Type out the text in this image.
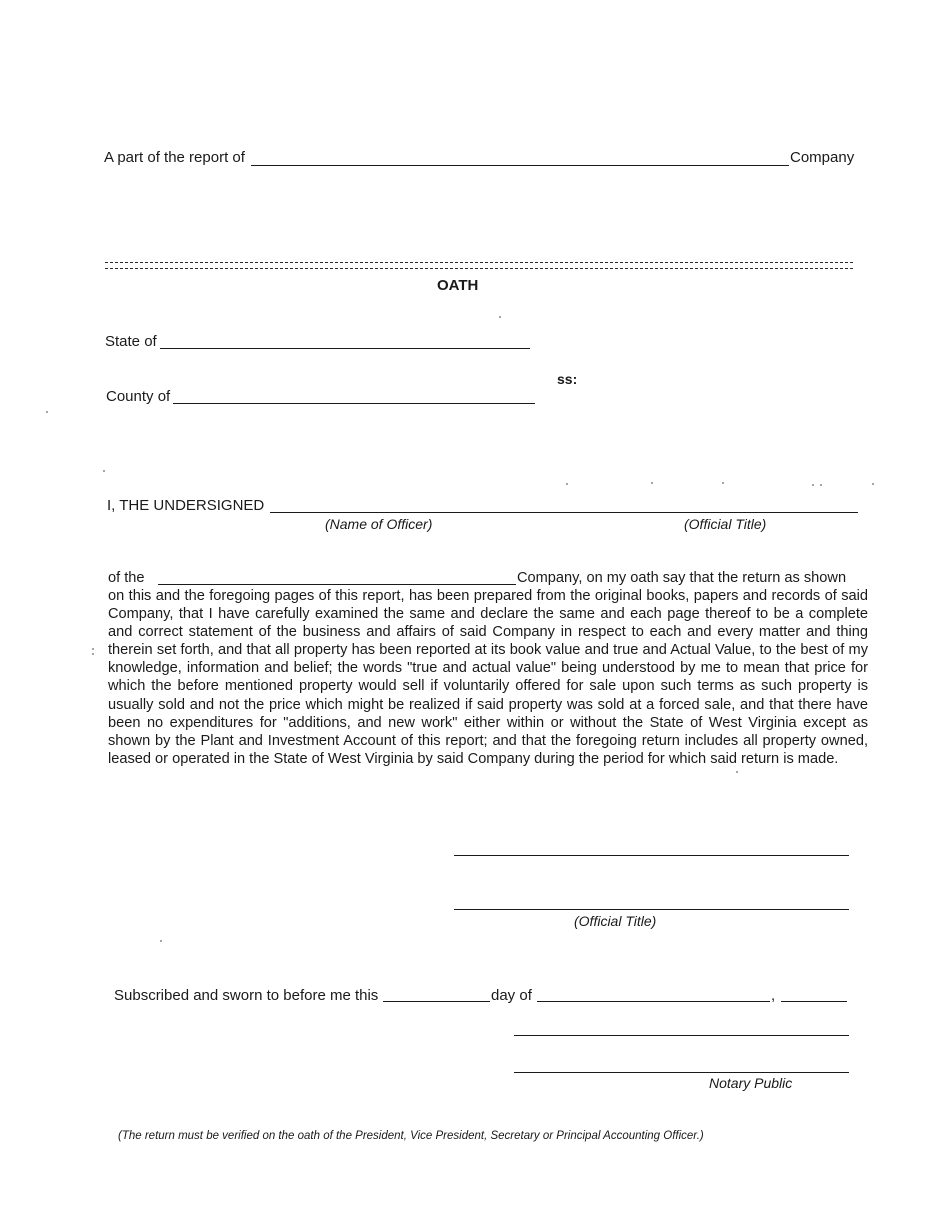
A part of the report of	Company
OATH
State of
ss:
County of
I, THE UNDERSIGNED
(Name of Officer)	(Official Title)
of the	Company, on my oath say that the return as shown

on this and the foregoing pages of this report, has been prepared from the original books, papers and records of said Company, that I have carefully examined the same and declare the same and each page thereof to be a complete and correct statement of the business and affairs of said Company in respect to each and every matter and thing therein set forth, and that all property has been reported at its book value and true and Actual Value, to the best of my knowledge, information and belief; the words "true and actual value" being understood by me to mean that price for which the before mentioned property would sell if voluntarily offered for sale upon such terms as such property is usually sold and not the price which might be realized if said property was sold at a forced sale, and that there have been no expenditures for "additions, and new work" either within or without the State of West Virginia except as shown by the Plant and Investment Account of this report; and that the foregoing return includes all property owned, leased or operated in the State of West Virginia by said Company during the period for which said return is made.

(Official Title)
Subscribed and sworn to before me this	day of	,
Notary Public
(The return must be verified on the oath of the President, Vice President, Secretary or Principal Accounting Officer.)
